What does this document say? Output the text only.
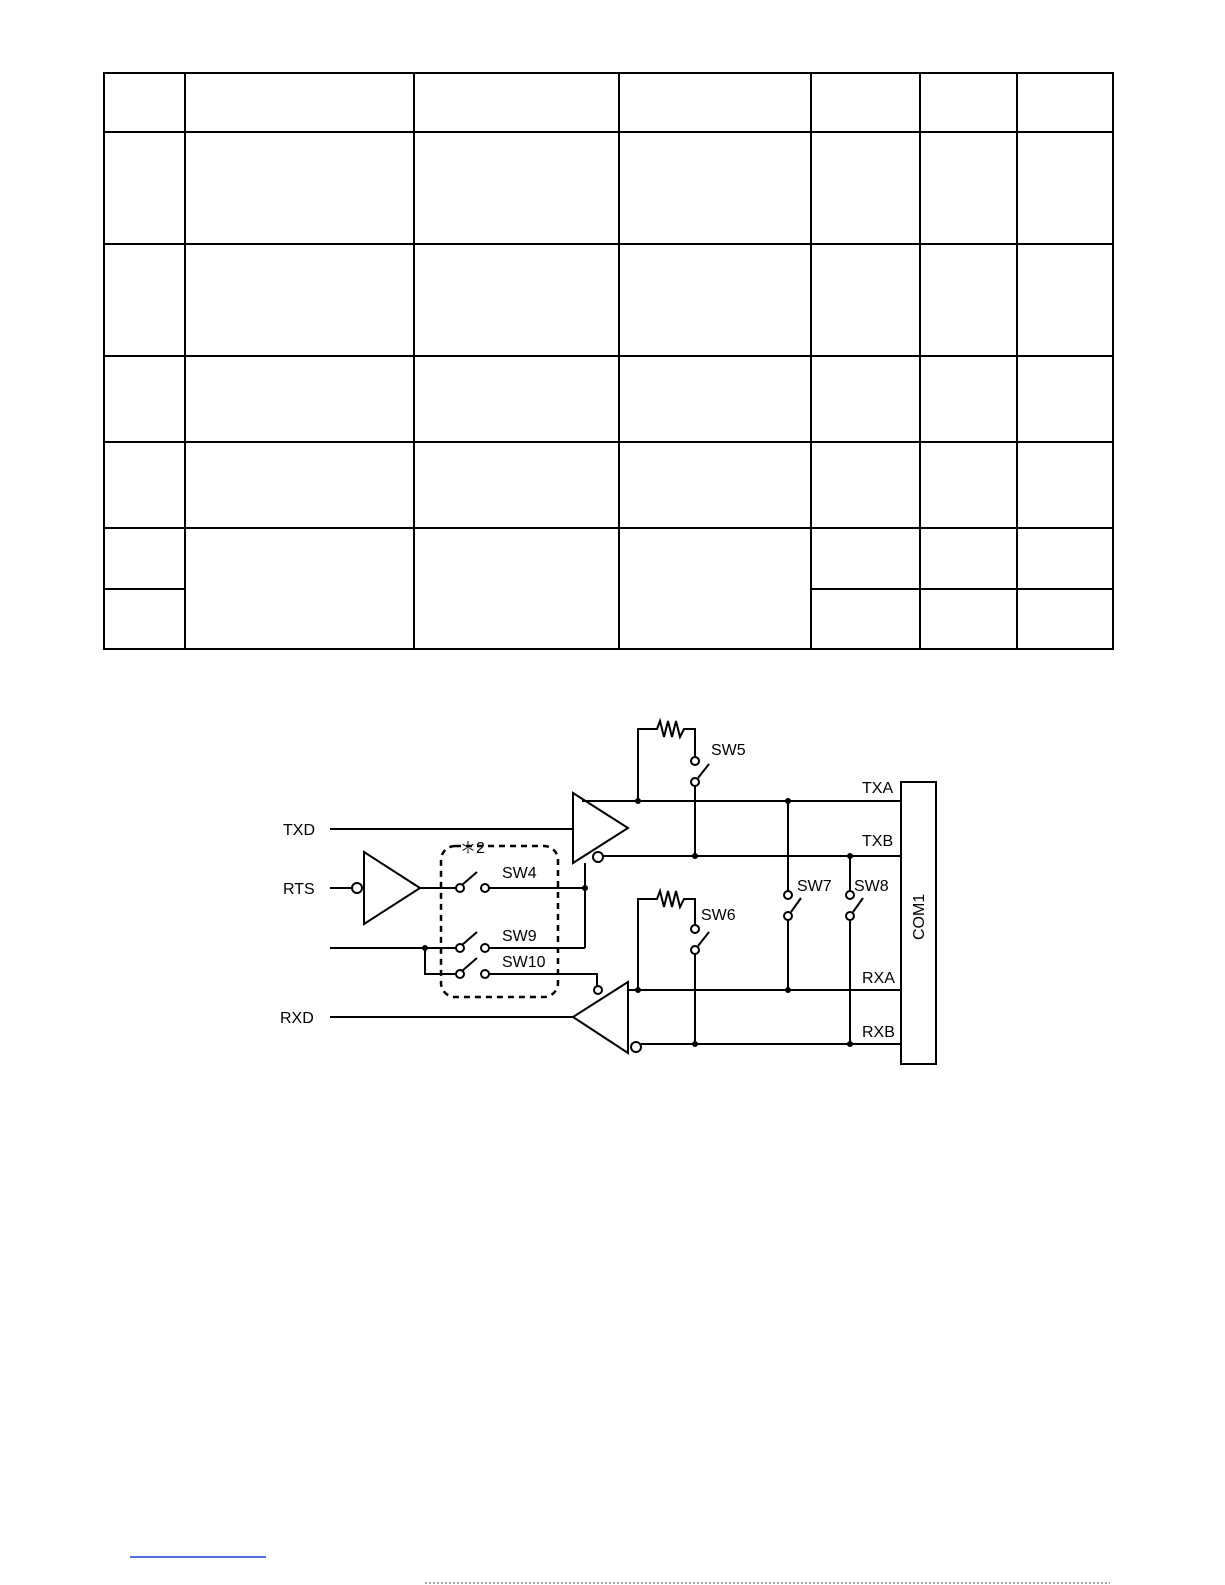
TXD
RTS
RXD
TXA
TXB
RXA
RXB
SW5
SW6
SW7 SW8
SW4
SW9
SW10
＊2
COM1
